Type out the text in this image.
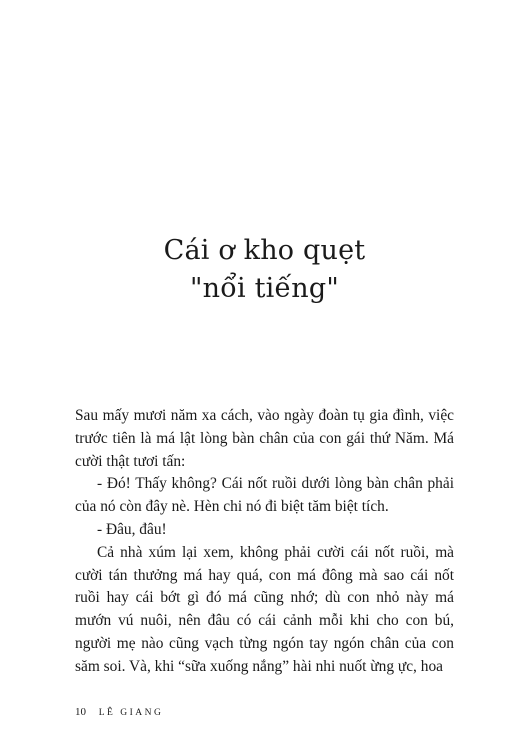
Cái ơ kho quẹt
"nổi tiếng"

Sau mấy mươi năm xa cách, vào ngày đoàn tụ gia đình, việc trước tiên là má lật lòng bàn chân của con gái thứ Năm. Má cười thật tươi tấn:

- Đó! Thấy không? Cái nốt ruồi dưới lòng bàn chân phải của nó còn đây nè. Hèn chi nó đi biệt tăm biệt tích.

- Đâu, đâu!

Cả nhà xúm lại xem, không phải cười cái nốt ruồi, mà cười tán thưởng má hay quá, con má đông mà sao cái nốt ruồi hay cái bớt gì đó má cũng nhớ; dù con nhỏ này má mướn vú nuôi, nên đâu có cái cảnh mỗi khi cho con bú, người mẹ nào cũng vạch từng ngón tay ngón chân của con săm soi. Và, khi “sữa xuống nắng” hài nhi nuốt ừng ực, hoa

10 LÊ GIANG
